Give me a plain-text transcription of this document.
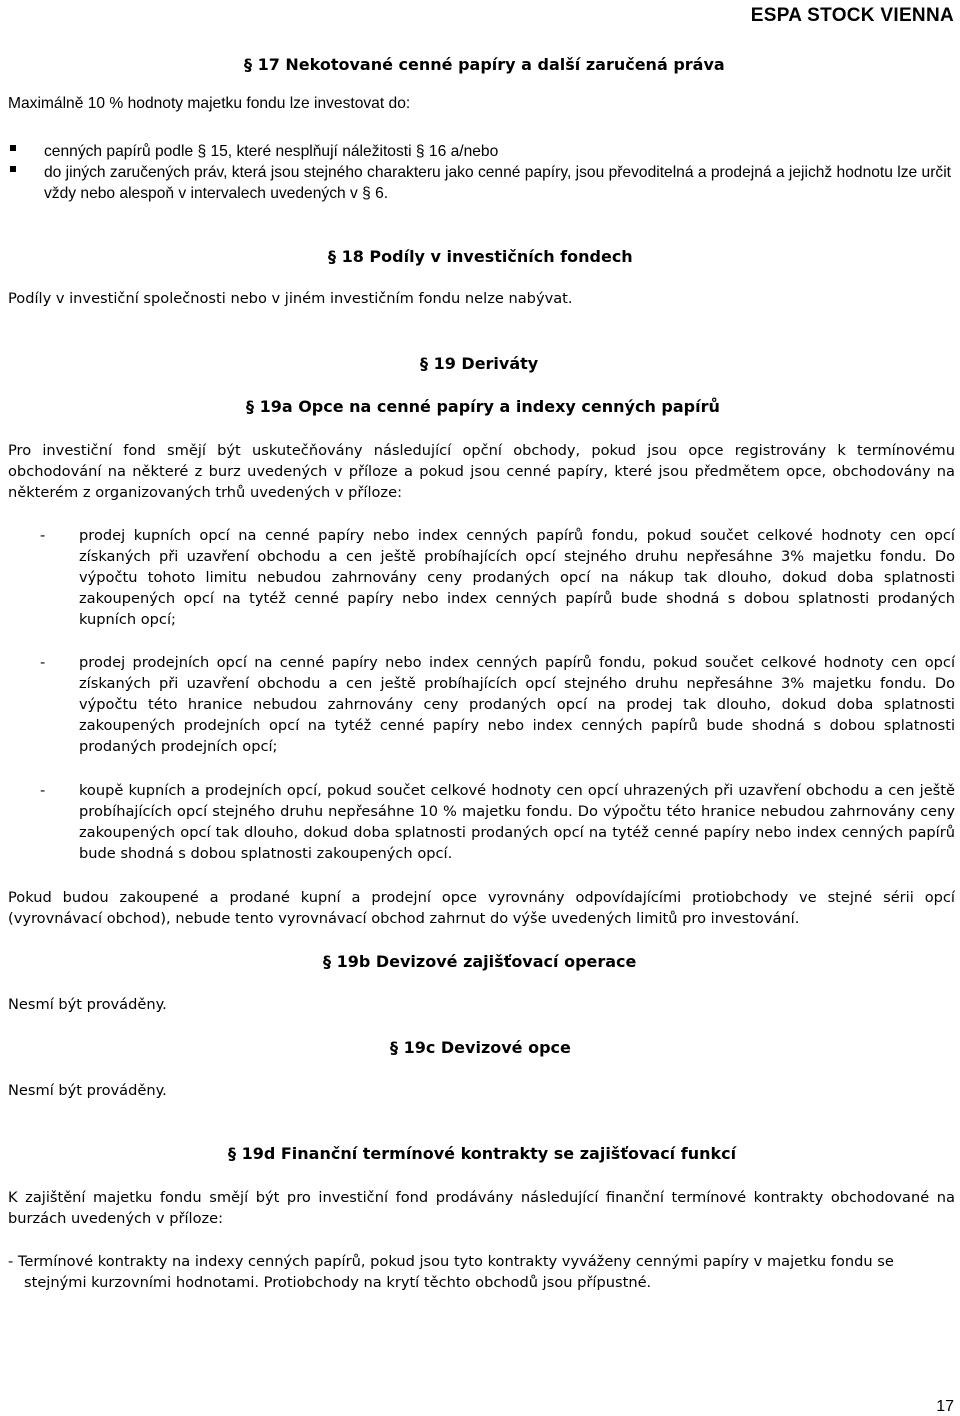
ESPA STOCK VIENNA
§ 17 Nekotované cenné papíry a další zaručená práva
Maximálně 10 % hodnoty majetku fondu lze investovat do:
cenných papírů podle § 15, které nesplňují náležitosti § 16 a/nebo
do jiných zaručených práv, která jsou stejného charakteru jako cenné papíry, jsou převoditelná a prodejná a jejichž hodnotu lze určit vždy nebo alespoň v intervalech uvedených v § 6.
§ 18 Podíly v investičních fondech
Podíly v investiční společnosti nebo v jiném investičním fondu nelze nabývat.
§ 19 Deriváty
§ 19a Opce na cenné papíry a indexy cenných papírů
Pro investiční fond smějí být uskutečňovány následující opční obchody, pokud jsou opce registrovány k termínovému obchodování na některé z burz uvedených v příloze a pokud jsou cenné papíry, které jsou předmětem opce, obchodovány na některém z organizovaných trhů uvedených v příloze:
- prodej kupních opcí na cenné papíry nebo index cenných papírů fondu, pokud součet celkové hodnoty cen opcí získaných při uzavření obchodu a cen ještě probíhajících opcí stejného druhu nepřesáhne 3% majetku fondu. Do výpočtu tohoto limitu nebudou zahrnovány ceny prodaných opcí na nákup tak dlouho, dokud doba splatnosti zakoupených opcí na tytéž cenné papíry nebo index cenných papírů bude shodná s dobou splatnosti prodaných kupních opcí;
- prodej prodejních opcí na cenné papíry nebo index cenných papírů fondu, pokud součet celkové hodnoty cen opcí získaných při uzavření obchodu a cen ještě probíhajících opcí stejného druhu nepřesáhne 3% majetku fondu. Do výpočtu této hranice nebudou zahrnovány ceny prodaných opcí na prodej tak dlouho, dokud doba splatnosti zakoupených prodejních opcí na tytéž cenné papíry nebo index cenných papírů bude shodná s dobou splatnosti prodaných prodejních opcí;
- koupě kupních a prodejních opcí, pokud součet celkové hodnoty cen opcí uhrazených při uzavření obchodu a cen ještě probíhajících opcí stejného druhu nepřesáhne 10 % majetku fondu. Do výpočtu této hranice nebudou zahrnovány ceny zakoupených opcí tak dlouho, dokud doba splatnosti prodaných opcí na tytéž cenné papíry nebo index cenných papírů bude shodná s dobou splatnosti zakoupených opcí.
Pokud budou zakoupené a prodané kupní a prodejní opce vyrovnány odpovídajícími protiobchody ve stejné sérii opcí (vyrovnávací obchod), nebude tento vyrovnávací obchod zahrnut do výše uvedených limitů pro investování.
§ 19b Devizové zajišťovací operace
Nesmí být prováděny.
§ 19c Devizové opce
Nesmí být prováděny.
§ 19d Finanční termínové kontrakty se zajišťovací funkcí
K zajištění majetku fondu smějí být pro investiční fond prodávány následující finanční termínové kontrakty obchodované na burzách uvedených v příloze:
- Termínové kontrakty na indexy cenných papírů, pokud jsou tyto kontrakty vyváženy cennými papíry v majetku fondu se stejnými kurzovními hodnotami. Protiobchody na krytí těchto obchodů jsou přípustné.
17
